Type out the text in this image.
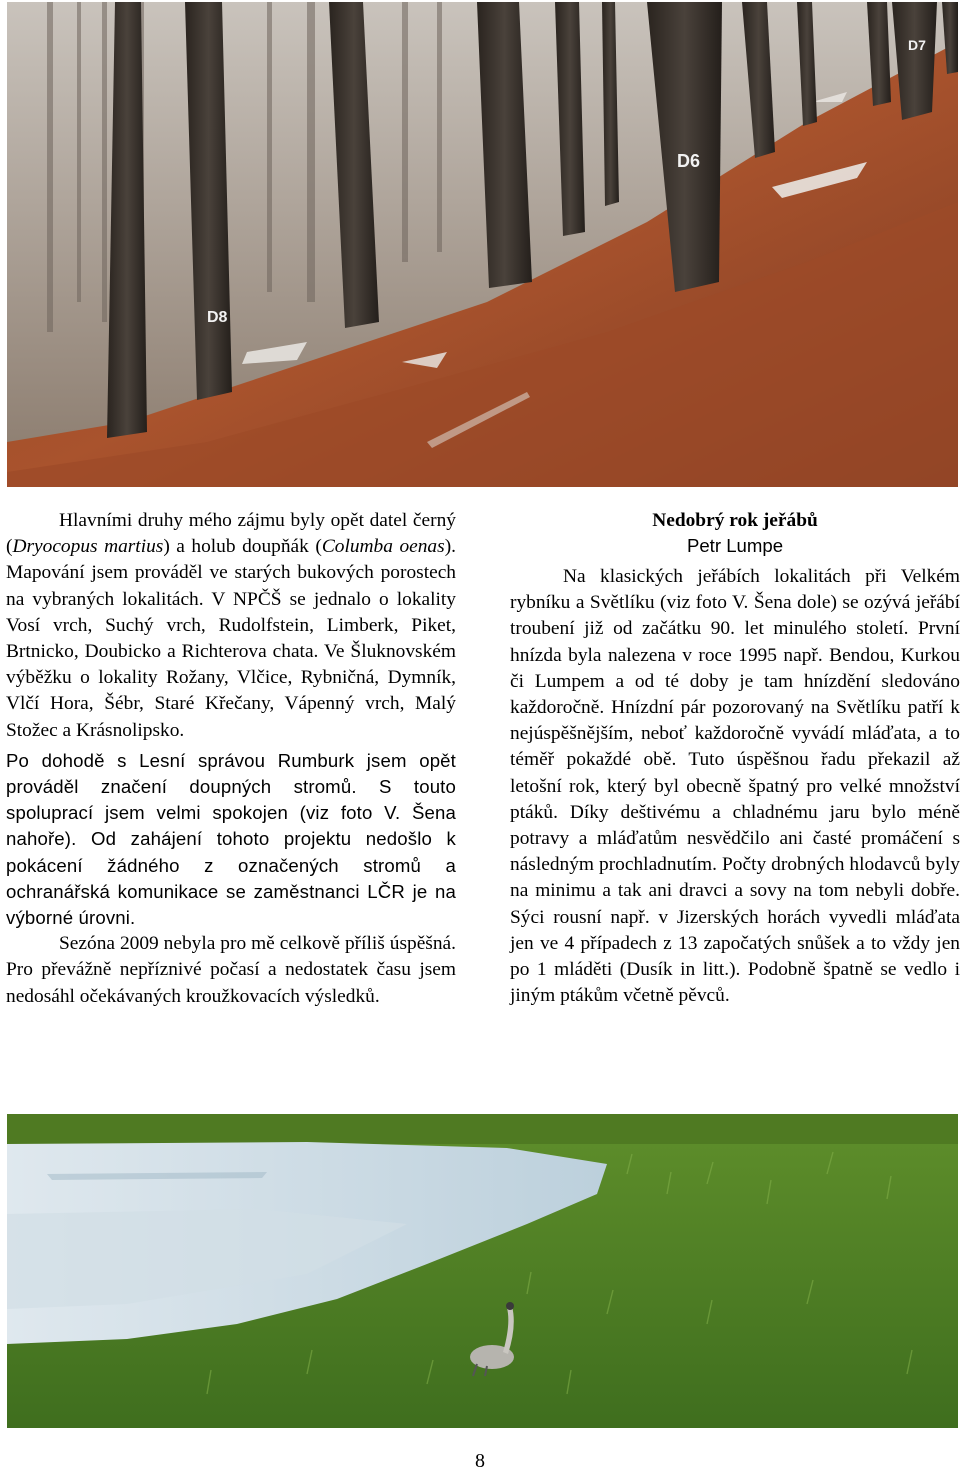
D8
D6
D7

Hlavními druhy mého zájmu byly opět datel černý (Dryocopus martius) a holub doupňák (Columba oenas). Mapování jsem prováděl ve starých bukových porostech na vybraných lokalitách. V NPČŠ se jednalo o lokality Vosí vrch, Suchý vrch, Rudolfstein, Limberk, Piket, Brtnicko, Doubicko a Richterova chata. Ve Šluknovském výběžku o lokality Rožany, Vlčice, Rybničná, Dymník, Vlčí Hora, Šébr, Staré Křečany, Vápenný vrch, Malý Stožec a Krásnolipsko.

Po dohodě s Lesní správou Rumburk jsem opět prováděl značení doupných stromů. S touto spoluprací jsem velmi spokojen (viz foto V. Šena nahoře). Od zahájení tohoto projektu nedošlo k pokácení žádného z označených stromů a ochranářská komunikace se zaměstnanci LČR je na výborné úrovni.

Sezóna 2009 nebyla pro mě celkově příliš úspěšná. Pro převážně nepříznivé počasí a nedostatek času jsem nedosáhl očekávaných kroužkovacích výsledků.

Nedobrý rok jeřábů
Petr Lumpe

Na klasických jeřábích lokalitách při Velkém rybníku a Světlíku (viz foto V. Šena dole) se ozývá jeřábí troubení již od začátku 90. let minulého století. První hnízda byla nalezena v roce 1995 např. Bendou, Kurkou či Lumpem a od té doby je tam hnízdění sledováno každoročně. Hnízdní pár pozorovaný na Světlíku patří k nejúspěšnějším, neboť každoročně vyvádí mláďata, a to téměř pokaždé obě. Tuto úspěšnou řadu překazil až letošní rok, který byl obecně špatný pro velké množství ptáků. Díky deštivému a chladnému jaru bylo méně potravy a mláďatům nesvědčilo ani časté promáčení s následným prochladnutím. Počty drobných hlodavců byly na minimu a tak ani dravci a sovy na tom nebyli dobře. Sýci rousní např. v Jizerských horách vyvedli mláďata jen ve 4 případech z 13 započatých snůšek a to vždy jen po 1 mláděti (Dusík in litt.). Podobně špatně se vedlo i jiným ptákům včetně pěvců.

8
